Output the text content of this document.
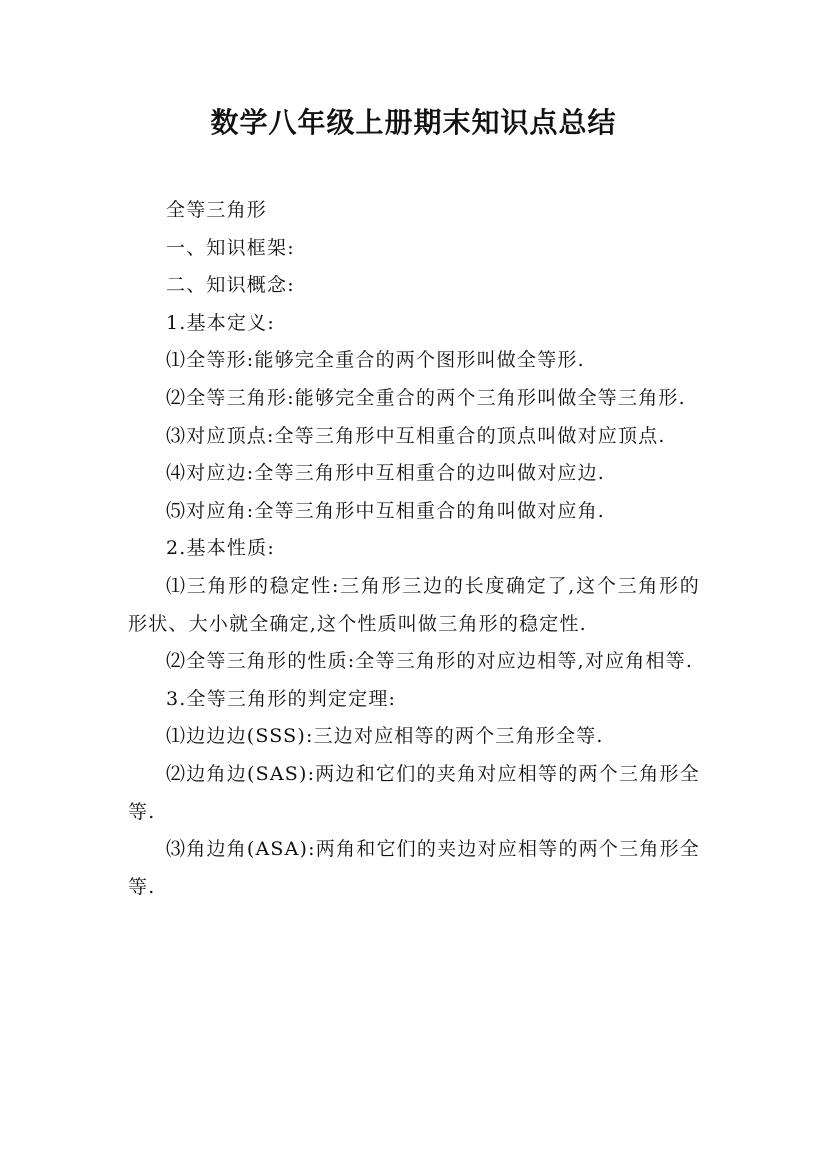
数学八年级上册期末知识点总结

全等三角形

一、知识框架:

二、知识概念:

1.基本定义:

⑴全等形:能够完全重合的两个图形叫做全等形.

⑵全等三角形:能够完全重合的两个三角形叫做全等三角形.

⑶对应顶点:全等三角形中互相重合的顶点叫做对应顶点.

⑷对应边:全等三角形中互相重合的边叫做对应边.

⑸对应角:全等三角形中互相重合的角叫做对应角.

2.基本性质:

⑴三角形的稳定性:三角形三边的长度确定了,这个三角形的形状、大小就全确定,这个性质叫做三角形的稳定性.

⑵全等三角形的性质:全等三角形的对应边相等,对应角相等.

3.全等三角形的判定定理:

⑴边边边(SSS):三边对应相等的两个三角形全等.

⑵边角边(SAS):两边和它们的夹角对应相等的两个三角形全等.

⑶角边角(ASA):两角和它们的夹边对应相等的两个三角形全等.
